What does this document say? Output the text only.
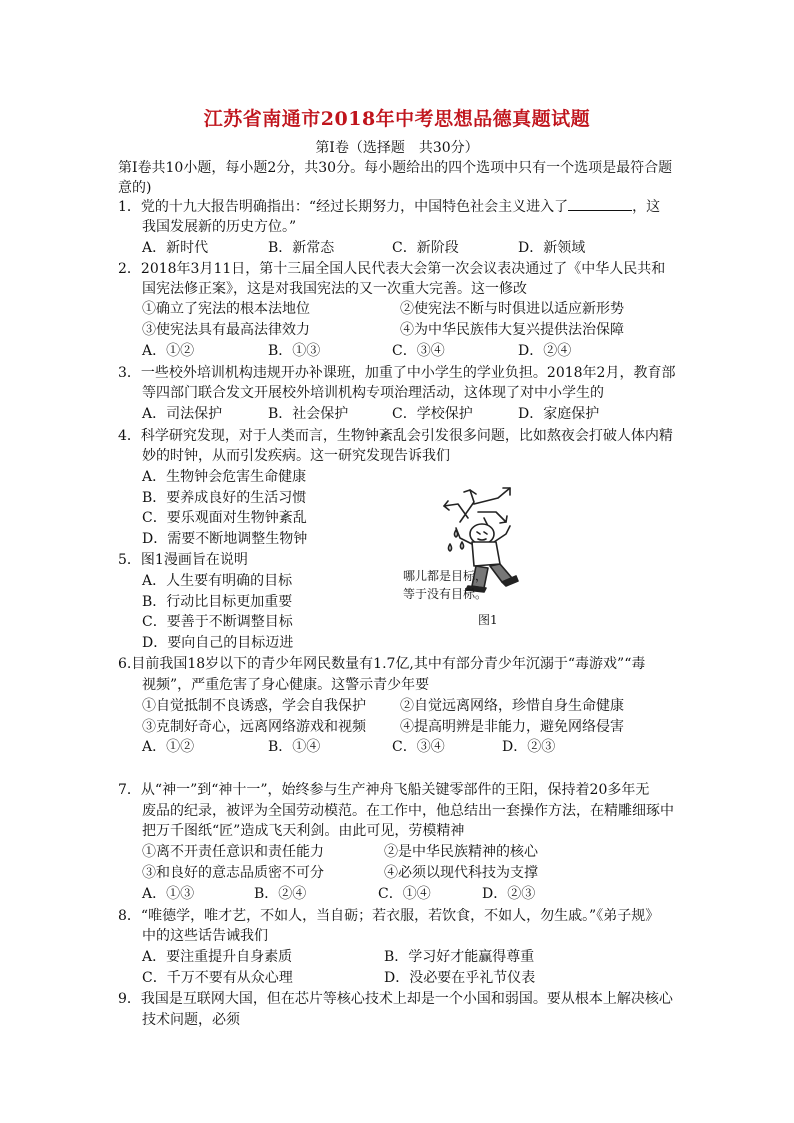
江苏省南通市2018年中考思想品德真题试题
第Ⅰ卷（选择题　共30分）
第Ⅰ卷共10小题，每小题2分，共30分。每小题给出的四个选项中只有一个选项是最符合题
意的)
1．党的十九大报告明确指出：“经过长期努力，中国特色社会主义进入了	，这
我国发展新的历史方位。”
A．新时代	B．新常态	C．新阶段	D．新领域
2．2018年3月11日，第十三届全国人民代表大会第一次会议表决通过了《中华人民共和
国宪法修正案》，这是对我国宪法的又一次重大完善。这一修改
①确立了宪法的根本法地位	②使宪法不断与时俱进以适应新形势
③使宪法具有最高法律效力	④为中华民族伟大复兴提供法治保障
A．①②	B．①③	C．③④	D．②④
3．一些校外培训机构违规开办补课班，加重了中小学生的学业负担。2018年2月，教育部
等四部门联合发文开展校外培训机构专项治理活动，这体现了对中小学生的
A．司法保护	B．社会保护	C．学校保护	D．家庭保护
4．科学研究发现，对于人类而言，生物钟紊乱会引发很多问题，比如熬夜会打破人体内精
妙的时钟，从而引发疾病。这一研究发现告诉我们
A．生物钟会危害生命健康
B．要养成良好的生活习惯
C．要乐观面对生物钟紊乱
D．需要不断地调整生物钟
5．图1漫画旨在说明
A．人生要有明确的目标
B．行动比目标更加重要
C．要善于不断调整目标
D．要向自己的目标迈进
哪儿都是目标，
等于没有目标。
图1
6.目前我国18岁以下的青少年网民数量有1.7亿,其中有部分青少年沉溺于“毒游戏”“毒
视频”，严重危害了身心健康。这警示青少年要
①自觉抵制不良诱惑，学会自我保护 ②自觉远离网络，珍惜自身生命健康
③克制好奇心，远离网络游戏和视频 ④提高明辨是非能力，避免网络侵害
A．①②	B．①④	C．③④	D．②③
7．从“神一”到“神十一”，始终参与生产神舟飞船关键零部件的王阳，保持着20多年无
废品的纪录，被评为全国劳动模范。在工作中，他总结出一套操作方法，在精雕细琢中
把万千图纸“匠”造成飞天利剑。由此可见，劳模精神
①离不开责任意识和责任能力	②是中华民族精神的核心
③和良好的意志品质密不可分	④必须以现代科技为支撑
A．①③	B．②④	C．①④	D．②③
8．“唯德学，唯才艺，不如人，当自砺；若衣服，若饮食，不如人，勿生戚。”《弟子规》
中的这些话告诫我们
A．要注重提升自身素质	B．学习好才能赢得尊重
C．千万不要有从众心理	D．没必要在乎礼节仪表
9．我国是互联网大国，但在芯片等核心技术上却是一个小国和弱国。要从根本上解决核心
技术问题，必须
